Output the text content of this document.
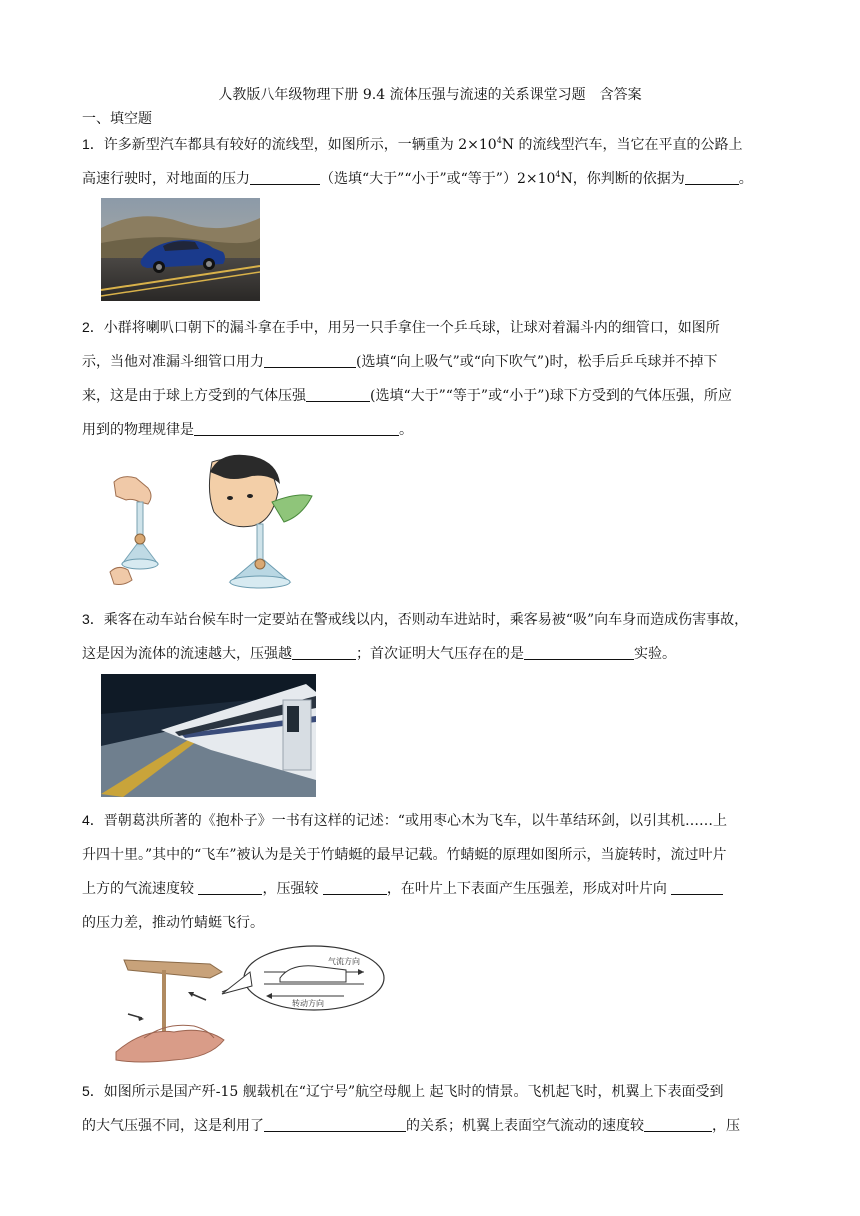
人教版八年级物理下册 9.4 流体压强与流速的关系课堂习题　含答案
一、填空题
1．许多新型汽车都具有较好的流线型，如图所示，一辆重为 $2\times 10^4N$ 的流线型汽车，当它在平直的公路上
高速行驶时，对地面的压力	（选填“大于”“小于”或“等于$”)2\times 10^4N$，你判断的依据为	。
2．小群将喇叭口朝下的漏斗拿在手中，用另一只手拿住一个乒乓球，让球对着漏斗内的细管口，如图所
示，当他对准漏斗细管口用力	(选填“向上吸气”或“向下吹气”)时，松手后乒乓球并不掉下
来，这是由于球上方受到的气体压强	(选填“大于”“等于”或“小于”)球下方受到的气体压强，所应
用到的物理规律是	。
3．乘客在动车站台候车时一定要站在警戒线以内，否则动车进站时，乘客易被“吸”向车身而造成伤害事故，
这是因为流体的流速越大，压强越	；首次证明大气压存在的是	实验。
4．晋朝葛洪所著的《抱朴子》一书有这样的记述：“或用枣心木为飞车，以牛革结环剑，以引其机……上
升四十里。”其中的“飞车”被认为是关于竹蜻蜓的最早记载。竹蜻蜓的原理如图所示，当旋转时，流过叶片
上方的气流速度较	，压强较	，在叶片上下表面产生压强差，形成对叶片向
的压力差，推动竹蜻蜓飞行。
气流方向
转动方向
5．如图所示是国产歼-15 舰载机在“辽宁号”航空母舰上 起飞时的情景。飞机起飞时，机翼上下表面受到
的大气压强不同，这是利用了	的关系；机翼上表面空气流动的速度较	，压
